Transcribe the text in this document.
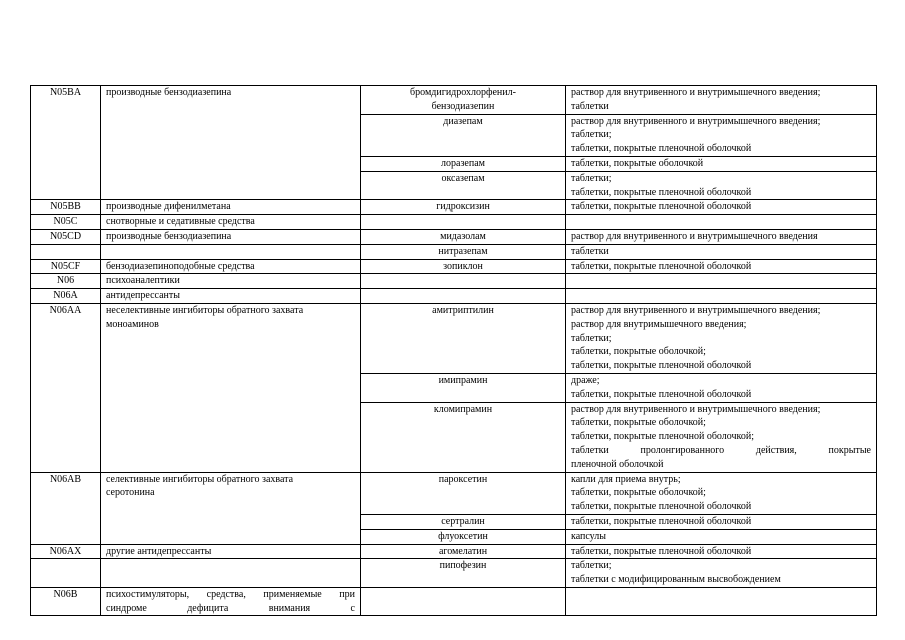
N05BA	производные бензодиазепина	бромдигидрохлорфенил-
бензодиазепин	раствор для внутривенного и внутримышечного введения;
таблетки
		диазепам	раствор для внутривенного и внутримышечного введения;
таблетки;
таблетки, покрытые пленочной оболочкой
		лоразепам	таблетки, покрытые оболочкой
		оксазепам	таблетки;
таблетки, покрытые пленочной оболочкой
N05BB	производные дифенилметана	гидроксизин	таблетки, покрытые пленочной оболочкой
N05C	снотворные и седативные средства		
N05CD	производные бензодиазепина	мидазолам	раствор для внутривенного и внутримышечного введения
		нитразепам	таблетки
N05CF	бензодиазепиноподобные средства	зопиклон	таблетки, покрытые пленочной оболочкой
N06	психоаналептики		
N06A	антидепрессанты		
N06AA	неселективные ингибиторы обратного захвата
моноаминов	амитриптилин	раствор для внутривенного и внутримышечного введения;
раствор для внутримышечного введения;
таблетки;
таблетки, покрытые оболочкой;
таблетки, покрытые пленочной оболочкой
		имипрамин	драже;
таблетки, покрытые пленочной оболочкой
		кломипрамин	раствор для внутривенного и внутримышечного введения;
таблетки, покрытые оболочкой;
таблетки, покрытые пленочной оболочкой;
таблетки пролонгированного действия, покрытые
пленочной оболочкой

N06AB	селективные ингибиторы обратного захвата
серотонина	пароксетин	капли для приема внутрь;
таблетки, покрытые оболочкой;
таблетки, покрытые пленочной оболочкой
		сертралин	таблетки, покрытые пленочной оболочкой
		флуоксетин	капсулы
N06AX	другие антидепрессанты	агомелатин	таблетки, покрытые пленочной оболочкой
		пипофезин	таблетки;
таблетки с модифицированным высвобождением
N06B	психостимуляторы, средства, применяемые при
синдроме дефицита внимания с		
